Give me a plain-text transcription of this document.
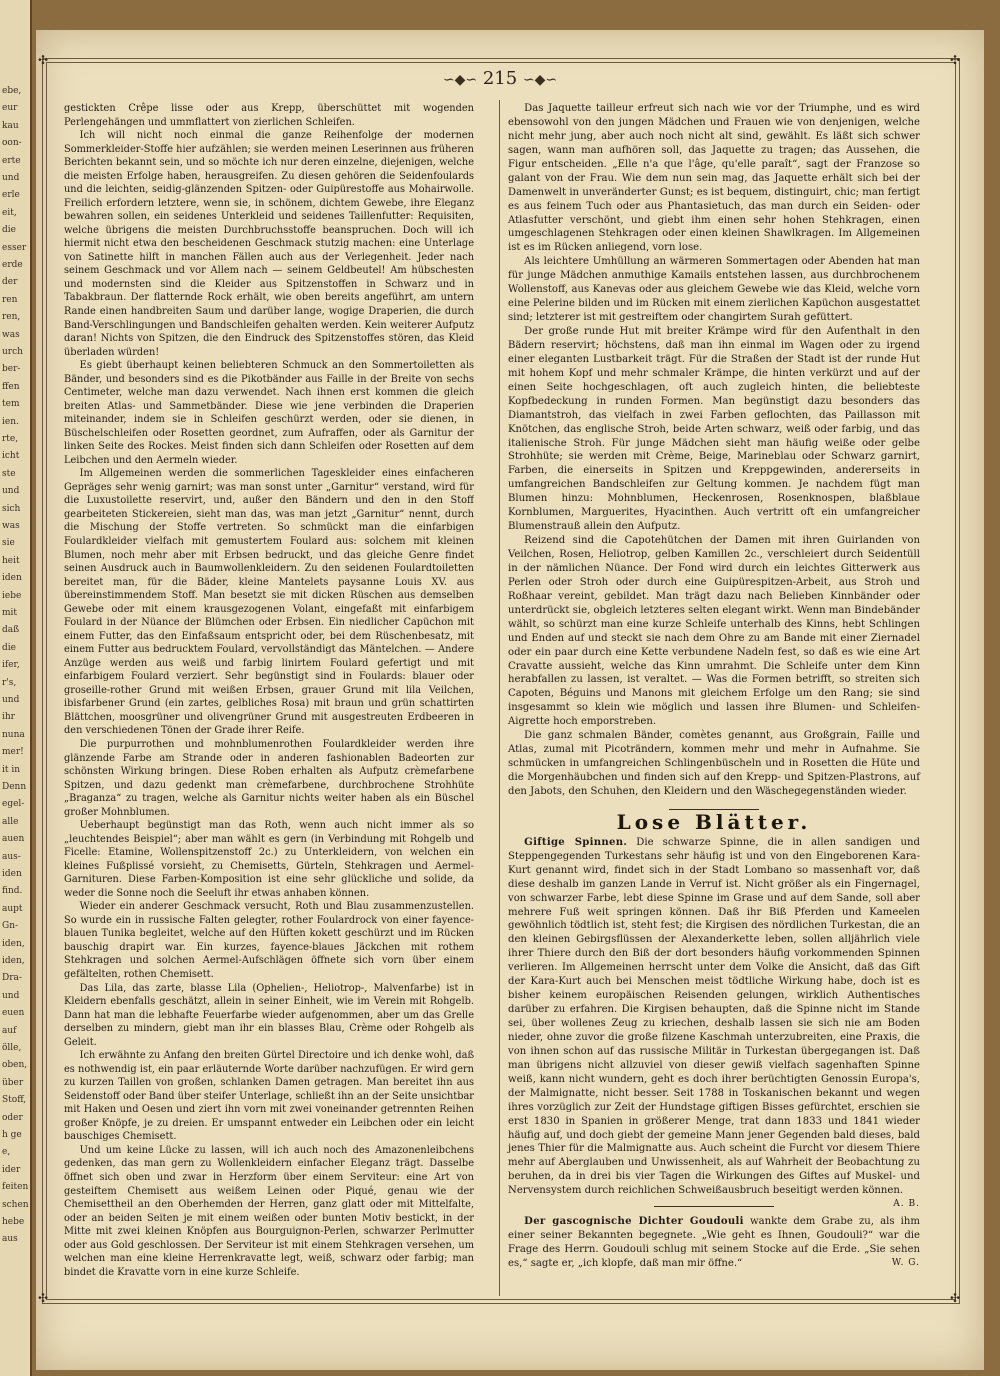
ebe,
eur
kau
oon-
erte
und
erle
eit,
die
esser
erde
der
ren
ren,
was
urch
ber-
ffen
tem
ien.
rte,
icht
ste
und
sich
was
sie
heit
iden
iebe
mit
daß
die
ifer,
r's,
und
ihr
nuna
mer!
it in
Denn
egel-
alle
auen
aus-
iden
find.
aupt
Gn-
iden,
iden,
Dra-
und
euen
auf
ölle,
oben,
über
Stoff,
oder
h ge
e,
ider
feiten
schen
hebe
aus
✣	✣
✣	✣
∽◆∽ 215 ∽◆∽

gestickten Crêpe lisse oder aus Krepp, überschüttet mit wogenden Perlengehängen und ummflattert von zierlichen Schleifen.

Ich will nicht noch einmal die ganze Reihenfolge der modernen Sommerkleider-Stoffe hier aufzählen; sie werden meinen Leserinnen aus früheren Berichten bekannt sein, und so möchte ich nur deren einzelne, diejenigen, welche die meisten Erfolge haben, herausgreifen. Zu diesen gehören die Seidenfoulards und die leichten, seidig-glänzenden Spitzen- oder Guipürestoffe aus Mohairwolle. Freilich erfordern letztere, wenn sie, in schönem, dichtem Gewebe, ihre Eleganz bewahren sollen, ein seidenes Unterkleid und seidenes Taillenfutter: Requisiten, welche übrigens die meisten Durchbruchsstoffe beanspruchen. Doch will ich hiermit nicht etwa den bescheidenen Geschmack stutzig machen: eine Unterlage von Satinette hilft in manchen Fällen auch aus der Verlegenheit. Jeder nach seinem Geschmack und vor Allem nach — seinem Geldbeutel! Am hübschesten und modernsten sind die Kleider aus Spitzenstoffen in Schwarz und in Tabakbraun. Der flatternde Rock erhält, wie oben bereits angeführt, am untern Rande einen handbreiten Saum und darüber lange, wogige Draperien, die durch Band-Verschlingungen und Bandschleifen gehalten werden. Kein weiterer Aufputz daran! Nichts von Spitzen, die den Eindruck des Spitzenstoffes stören, das Kleid überladen würden!

Es giebt überhaupt keinen beliebteren Schmuck an den Sommertoiletten als Bänder, und besonders sind es die Pikotbänder aus Faille in der Breite von sechs Centimeter, welche man dazu verwendet. Nach ihnen erst kommen die gleich breiten Atlas- und Sammetbänder. Diese wie jene verbinden die Draperien miteinander, indem sie in Schleifen geschürzt werden, oder sie dienen, in Büschelschleifen oder Rosetten geordnet, zum Aufraffen, oder als Garnitur der linken Seite des Rockes. Meist finden sich dann Schleifen oder Rosetten auf dem Leibchen und den Aermeln wieder.

Im Allgemeinen werden die sommerlichen Tageskleider eines einfacheren Gepräges sehr wenig garnirt; was man sonst unter „Garnitur“ verstand, wird für die Luxustoilette reservirt, und, außer den Bändern und den in den Stoff gearbeiteten Stickereien, sieht man das, was man jetzt „Garnitur“ nennt, durch die Mischung der Stoffe vertreten. So schmückt man die einfarbigen Foulardkleider vielfach mit gemustertem Foulard aus: solchem mit kleinen Blumen, noch mehr aber mit Erbsen bedruckt, und das gleiche Genre findet seinen Ausdruck auch in Baumwollenkleidern. Zu den seidenen Foulardtoiletten bereitet man, für die Bäder, kleine Mantelets paysanne Louis XV. aus übereinstimmendem Stoff. Man besetzt sie mit dicken Rüschen aus demselben Gewebe oder mit einem krausgezogenen Volant, eingefaßt mit einfarbigem Foulard in der Nüance der Blümchen oder Erbsen. Ein niedlicher Capüchon mit einem Futter, das den Einfaßsaum entspricht oder, bei dem Rüschenbesatz, mit einem Futter aus bedrucktem Foulard, vervollständigt das Mäntelchen. — Andere Anzüge werden aus weiß und farbig linirtem Foulard gefertigt und mit einfarbigem Foulard verziert. Sehr begünstigt sind in Foulards: blauer oder groseille-rother Grund mit weißen Erbsen, grauer Grund mit lila Veilchen, ibisfarbener Grund (ein zartes, gelbliches Rosa) mit braun und grün schattirten Blättchen, moosgrüner und olivengrüner Grund mit ausgestreuten Erdbeeren in den verschiedenen Tönen der Grade ihrer Reife.

Die purpurrothen und mohnblumenrothen Foulardkleider werden ihre glänzende Farbe am Strande oder in anderen fashionablen Badeorten zur schönsten Wirkung bringen. Diese Roben erhalten als Aufputz crèmefarbene Spitzen, und dazu gedenkt man crèmefarbene, durchbrochene Strohhüte „Braganza“ zu tragen, welche als Garnitur nichts weiter haben als ein Büschel großer Mohnblumen.

Ueberhaupt begünstigt man das Roth, wenn auch nicht immer als so „leuchtendes Beispiel“; aber man wählt es gern (in Verbindung mit Rohgelb und Ficelle: Etamine, Wollenspitzenstoff 2c.) zu Unterkleidern, von welchen ein kleines Fußplissé vorsieht, zu Chemisetts, Gürteln, Stehkragen und Aermel-Garnituren. Diese Farben-Komposition ist eine sehr glückliche und solide, da weder die Sonne noch die Seeluft ihr etwas anhaben können.

Wieder ein anderer Geschmack versucht, Roth und Blau zusammenzustellen. So wurde ein in russische Falten gelegter, rother Foulardrock von einer fayence-blauen Tunika begleitet, welche auf den Hüften kokett geschürzt und im Rücken bauschig drapirt war. Ein kurzes, fayence-blaues Jäckchen mit rothem Stehkragen und solchen Aermel-Aufschlägen öffnete sich vorn über einem gefältelten, rothen Chemisett.

Das Lila, das zarte, blasse Lila (Ophelien-, Heliotrop-, Malvenfarbe) ist in Kleidern ebenfalls geschätzt, allein in seiner Einheit, wie im Verein mit Rohgelb. Dann hat man die lebhafte Feuerfarbe wieder aufgenommen, aber um das Grelle derselben zu mindern, giebt man ihr ein blasses Blau, Crème oder Rohgelb als Geleit.

Ich erwähnte zu Anfang den breiten Gürtel Directoire und ich denke wohl, daß es nothwendig ist, ein paar erläuternde Worte darüber nachzufügen. Er wird gern zu kurzen Taillen von großen, schlanken Damen getragen. Man bereitet ihn aus Seidenstoff oder Band über steifer Unterlage, schließt ihn an der Seite unsichtbar mit Haken und Oesen und ziert ihn vorn mit zwei voneinander getrennten Reihen großer Knöpfe, je zu dreien. Er umspannt entweder ein Leibchen oder ein leicht bauschiges Chemisett.

Und um keine Lücke zu lassen, will ich auch noch des Amazonenleibchens gedenken, das man gern zu Wollenkleidern einfacher Eleganz trägt. Dasselbe öffnet sich oben und zwar in Herzform über einem Serviteur: eine Art von gesteiftem Chemisett aus weißem Leinen oder Piqué, genau wie der Chemisettheil an den Oberhemden der Herren, ganz glatt oder mit Mittelfalte, oder an beiden Seiten je mit einem weißen oder bunten Motiv bestickt, in der Mitte mit zwei kleinen Knöpfen aus Bourguignon-Perlen, schwarzer Perlmutter oder aus Gold geschlossen. Der Serviteur ist mit einem Stehkragen versehen, um welchen man eine kleine Herrenkravatte legt, weiß, schwarz oder farbig; man bindet die Kravatte vorn in eine kurze Schleife.

Das Jaquette tailleur erfreut sich nach wie vor der Triumphe, und es wird ebensowohl von den jungen Mädchen und Frauen wie von denjenigen, welche nicht mehr jung, aber auch noch nicht alt sind, gewählt. Es läßt sich schwer sagen, wann man aufhören soll, das Jaquette zu tragen; das Aussehen, die Figur entscheiden. „Elle n'a que l'âge, qu'elle paraît“, sagt der Franzose so galant von der Frau. Wie dem nun sein mag, das Jaquette erhält sich bei der Damenwelt in unveränderter Gunst; es ist bequem, distinguirt, chic; man fertigt es aus feinem Tuch oder aus Phantasietuch, das man durch ein Seiden- oder Atlasfutter verschönt, und giebt ihm einen sehr hohen Stehkragen, einen umgeschlagenen Stehkragen oder einen kleinen Shawlkragen. Im Allgemeinen ist es im Rücken anliegend, vorn lose.

Als leichtere Umhüllung an wärmeren Sommertagen oder Abenden hat man für junge Mädchen anmuthige Kamails entstehen lassen, aus durchbrochenem Wollenstoff, aus Kanevas oder aus gleichem Gewebe wie das Kleid, welche vorn eine Pelerine bilden und im Rücken mit einem zierlichen Kapüchon ausgestattet sind; letzterer ist mit gestreiftem oder changirtem Surah gefüttert.

Der große runde Hut mit breiter Krämpe wird für den Aufenthalt in den Bädern reservirt; höchstens, daß man ihn einmal im Wagen oder zu irgend einer eleganten Lustbarkeit trägt. Für die Straßen der Stadt ist der runde Hut mit hohem Kopf und mehr schmaler Krämpe, die hinten verkürzt und auf der einen Seite hochgeschlagen, oft auch zugleich hinten, die beliebteste Kopfbedeckung in runden Formen. Man begünstigt dazu besonders das Diamantstroh, das vielfach in zwei Farben geflochten, das Paillasson mit Knötchen, das englische Stroh, beide Arten schwarz, weiß oder farbig, und das italienische Stroh. Für junge Mädchen sieht man häufig weiße oder gelbe Strohhüte; sie werden mit Crème, Beige, Marineblau oder Schwarz garnirt, Farben, die einerseits in Spitzen und Kreppgewinden, andererseits in umfangreichen Bandschleifen zur Geltung kommen. Je nachdem fügt man Blumen hinzu: Mohnblumen, Heckenrosen, Rosenknospen, blaßblaue Kornblumen, Marguerites, Hyacinthen. Auch vertritt oft ein umfangreicher Blumenstrauß allein den Aufputz.

Reizend sind die Capotehütchen der Damen mit ihren Guirlanden von Veilchen, Rosen, Heliotrop, gelben Kamillen 2c., verschleiert durch Seidentüll in der nämlichen Nüance. Der Fond wird durch ein leichtes Gitterwerk aus Perlen oder Stroh oder durch eine Guipürespitzen-Arbeit, aus Stroh und Roßhaar vereint, gebildet. Man trägt dazu nach Belieben Kinnbänder oder unterdrückt sie, obgleich letzteres selten elegant wirkt. Wenn man Bindebänder wählt, so schürzt man eine kurze Schleife unterhalb des Kinns, hebt Schlingen und Enden auf und steckt sie nach dem Ohre zu am Bande mit einer Ziernadel oder ein paar durch eine Kette verbundene Nadeln fest, so daß es wie eine Art Cravatte aussieht, welche das Kinn umrahmt. Die Schleife unter dem Kinn herabfallen zu lassen, ist veraltet. — Was die Formen betrifft, so streiten sich Capoten, Béguins und Manons mit gleichem Erfolge um den Rang; sie sind insgesammt so klein wie möglich und lassen ihre Blumen- und Schleifen-Aigrette hoch emporstreben.

Die ganz schmalen Bänder, comètes genannt, aus Großgrain, Faille und Atlas, zumal mit Picoträndern, kommen mehr und mehr in Aufnahme. Sie schmücken in umfangreichen Schlingenbüscheln und in Rosetten die Hüte und die Morgenhäubchen und finden sich auf den Krepp- und Spitzen-Plastrons, auf den Jabots, den Schuhen, den Kleidern und den Wäschegegenständen wieder.

Lose Blätter.

Giftige Spinnen. Die schwarze Spinne, die in allen sandigen und Steppengegenden Turkestans sehr häufig ist und von den Eingeborenen Kara-Kurt genannt wird, findet sich in der Stadt Lombano so massenhaft vor, daß diese deshalb im ganzen Lande in Verruf ist. Nicht größer als ein Fingernagel, von schwarzer Farbe, lebt diese Spinne im Grase und auf dem Sande, soll aber mehrere Fuß weit springen können. Daß ihr Biß Pferden und Kameelen gewöhnlich tödtlich ist, steht fest; die Kirgisen des nördlichen Turkestan, die an den kleinen Gebirgsflüssen der Alexanderkette leben, sollen alljährlich viele ihrer Thiere durch den Biß der dort besonders häufig vorkommenden Spinnen verlieren. Im Allgemeinen herrscht unter dem Volke die Ansicht, daß das Gift der Kara-Kurt auch bei Menschen meist tödtliche Wirkung habe, doch ist es bisher keinem europäischen Reisenden gelungen, wirklich Authentisches darüber zu erfahren. Die Kirgisen behaupten, daß die Spinne nicht im Stande sei, über wollenes Zeug zu kriechen, deshalb lassen sie sich nie am Boden nieder, ohne zuvor die große filzene Kaschmah unterzubreiten, eine Praxis, die von ihnen schon auf das russische Militär in Turkestan übergegangen ist. Daß man übrigens nicht allzuviel von dieser gewiß vielfach sagenhaften Spinne weiß, kann nicht wundern, geht es doch ihrer berüchtigten Genossin Europa's, der Malmignatte, nicht besser. Seit 1788 in Toskanischen bekannt und wegen ihres vorzüglich zur Zeit der Hundstage giftigen Bisses gefürchtet, erschien sie erst 1830 in Spanien in größerer Menge, trat dann 1833 und 1841 wieder häufig auf, und doch giebt der gemeine Mann jener Gegenden bald dieses, bald jenes Thier für die Malmignatte aus. Auch scheint die Furcht vor diesem Thiere mehr auf Aberglauben und Unwissenheit, als auf Wahrheit der Beobachtung zu beruhen, da in drei bis vier Tagen die Wirkungen des Giftes auf Muskel- und Nervensystem durch reichlichen Schweißausbruch beseitigt werden können.
A. B.

Der gascognische Dichter Goudouli wankte dem Grabe zu, als ihm einer seiner Bekannten begegnete. „Wie geht es Ihnen, Goudouli?“ war die Frage des Herrn. Goudouli schlug mit seinem Stocke auf die Erde. „Sie sehen es,“ sagte er, „ich klopfe, daß man mir öffne.“	W. G.
